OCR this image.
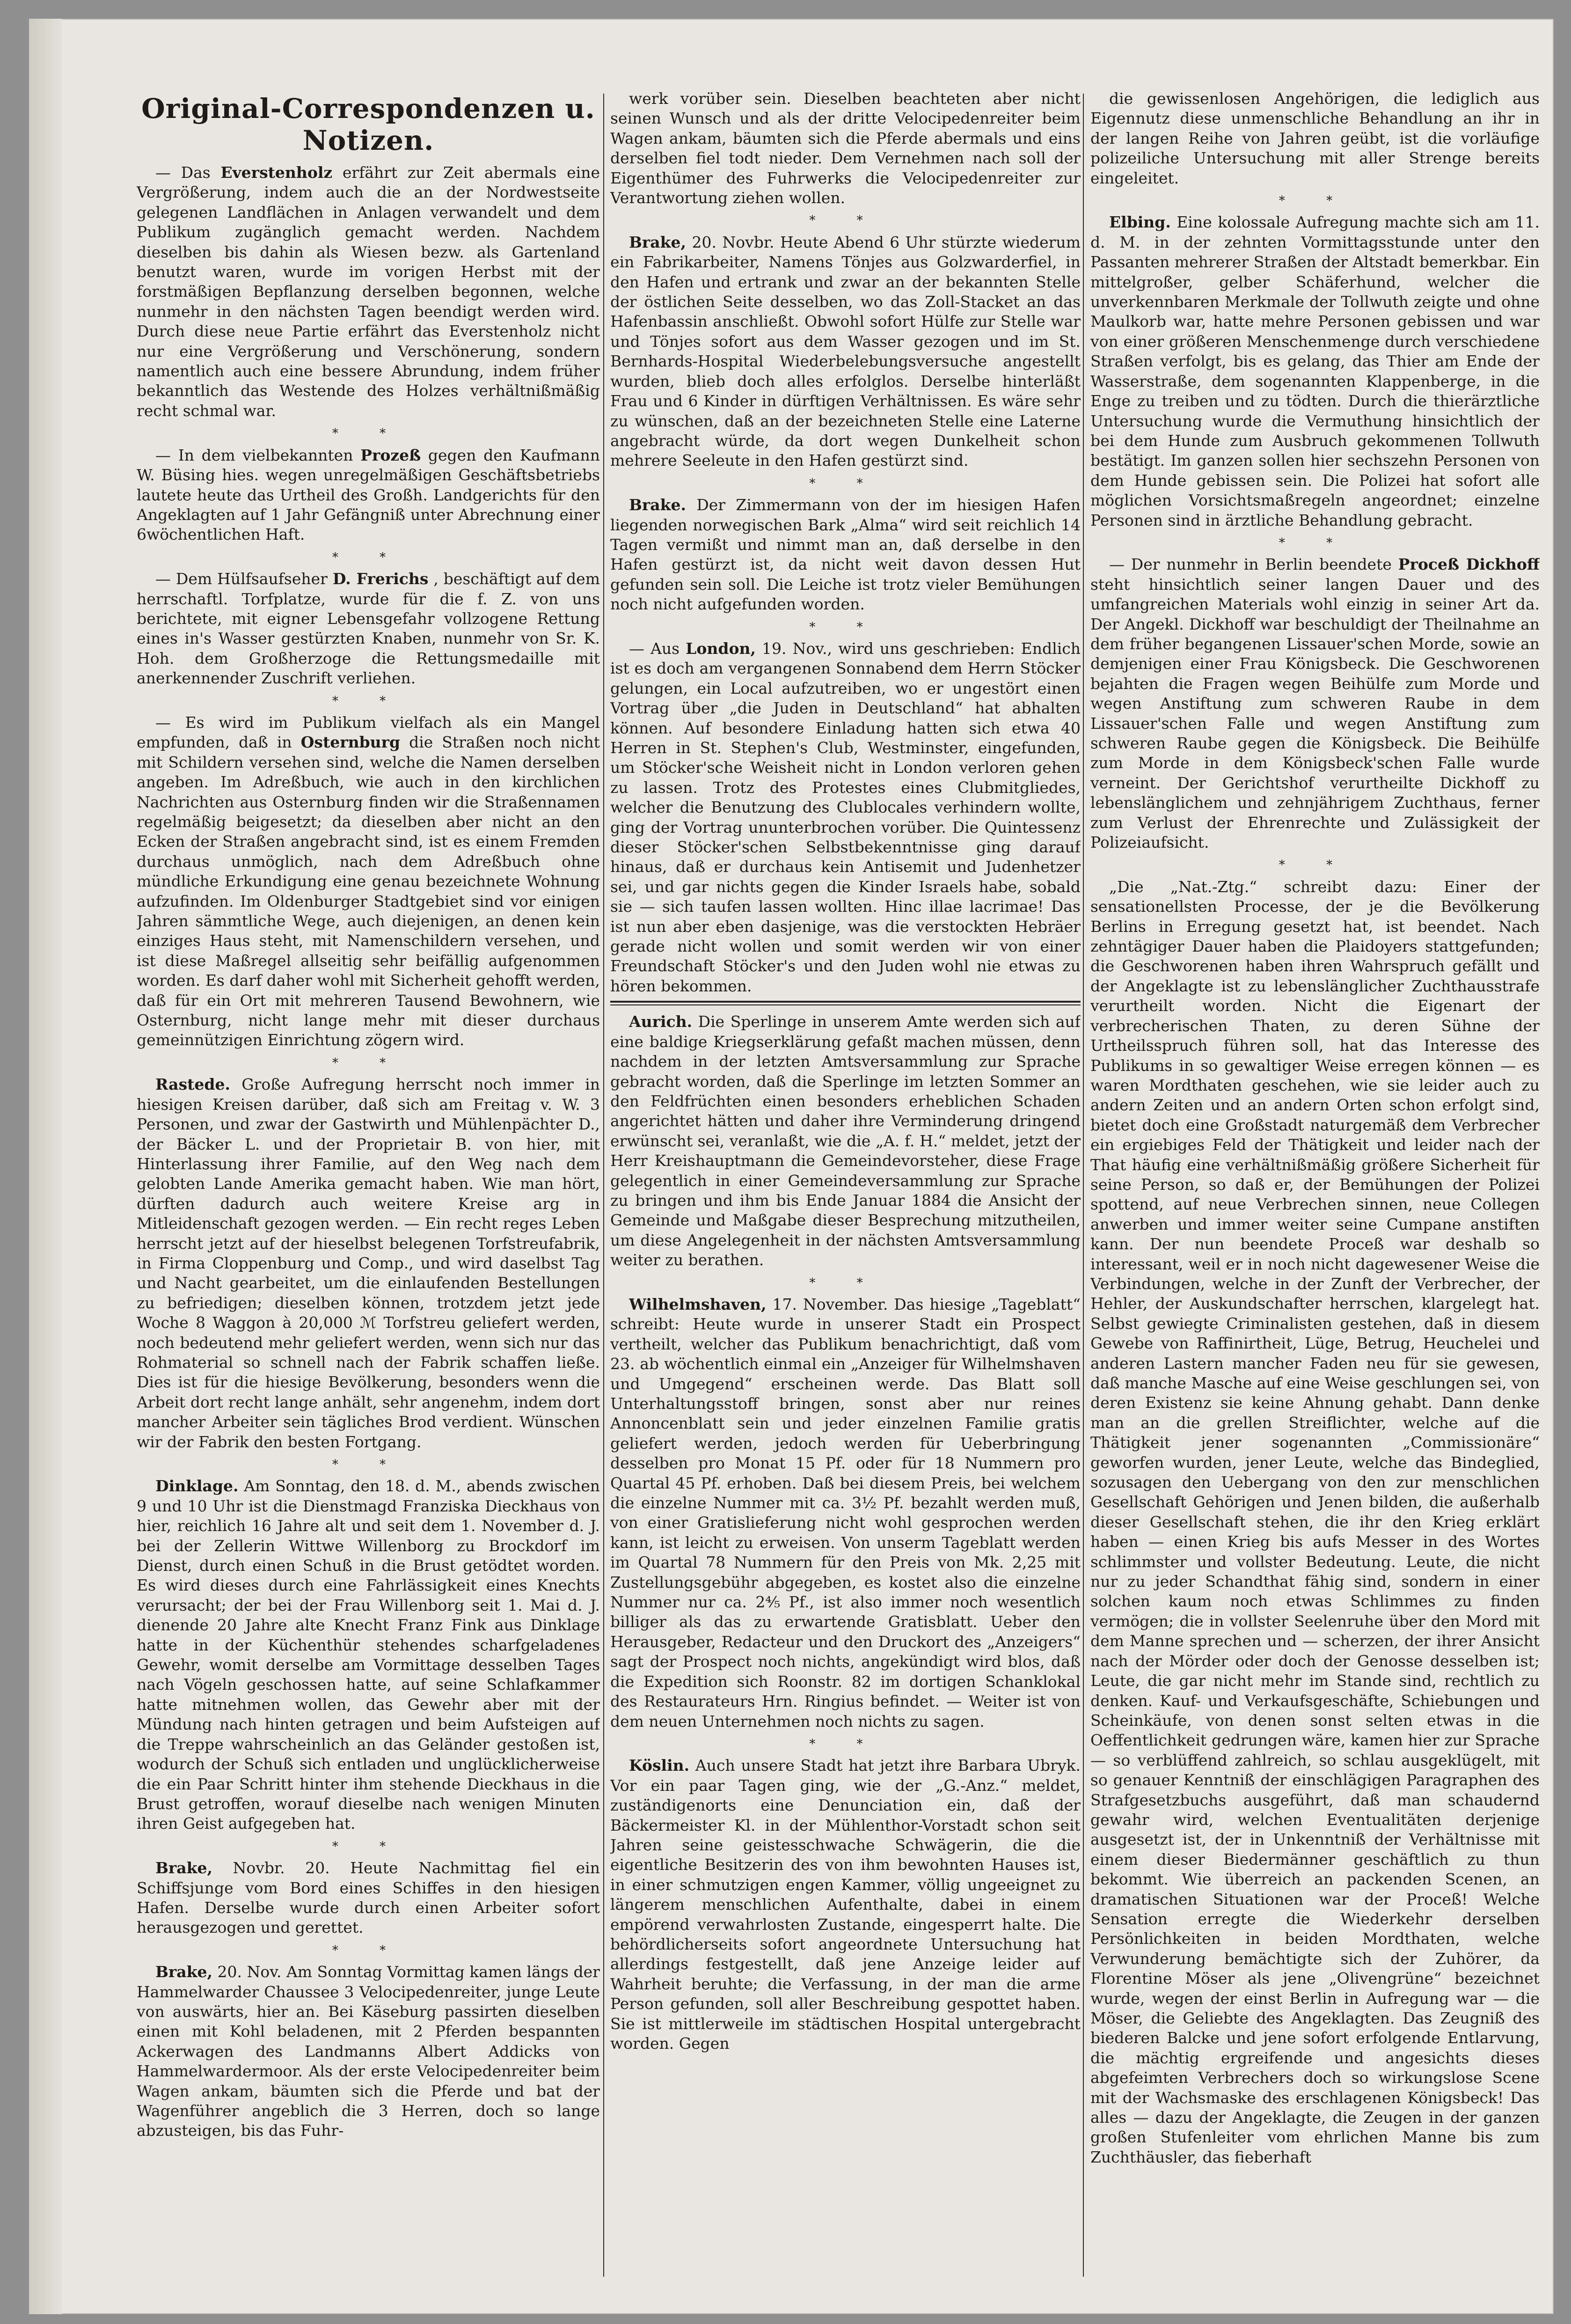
Original-Correspondenzen u. Notizen.

— Das Everstenholz erfährt zur Zeit abermals eine Vergrößerung, indem auch die an der Nordwestseite gelegenen Landflächen in Anlagen verwandelt und dem Publikum zugänglich gemacht werden. Nachdem dieselben bis dahin als Wiesen bezw. als Gartenland benutzt waren, wurde im vorigen Herbst mit der forstmäßigen Bepflanzung derselben begonnen, welche nunmehr in den nächsten Tagen beendigt werden wird. Durch diese neue Partie erfährt das Everstenholz nicht nur eine Vergrößerung und Verschönerung, sondern namentlich auch eine bessere Abrundung, indem früher bekanntlich das Westende des Holzes verhältnißmäßig recht schmal war.

* *

— In dem vielbekannten Prozeß gegen den Kaufmann W. Büsing hies. wegen unregelmäßigen Geschäftsbetriebs lautete heute das Urtheil des Großh. Landgerichts für den Angeklagten auf 1 Jahr Gefängniß unter Abrechnung einer 6wöchentlichen Haft.

* *

— Dem Hülfsaufseher D. Frerichs , beschäftigt auf dem herrschaftl. Torfplatze, wurde für die f. Z. von uns berichtete, mit eigner Lebensgefahr vollzogene Rettung eines in's Wasser gestürzten Knaben, nunmehr von Sr. K. Hoh. dem Großherzoge die Rettungsmedaille mit anerkennender Zuschrift verliehen.

* *

— Es wird im Publikum vielfach als ein Mangel empfunden, daß in Osternburg die Straßen noch nicht mit Schildern versehen sind, welche die Namen derselben angeben. Im Adreßbuch, wie auch in den kirchlichen Nachrichten aus Osternburg finden wir die Straßennamen regelmäßig beigesetzt; da dieselben aber nicht an den Ecken der Straßen angebracht sind, ist es einem Fremden durchaus unmöglich, nach dem Adreßbuch ohne mündliche Erkundigung eine genau bezeichnete Wohnung aufzufinden. Im Oldenburger Stadtgebiet sind vor einigen Jahren sämmtliche Wege, auch diejenigen, an denen kein einziges Haus steht, mit Namenschildern versehen, und ist diese Maßregel allseitig sehr beifällig aufgenommen worden. Es darf daher wohl mit Sicherheit gehofft werden, daß für ein Ort mit mehreren Tausend Bewohnern, wie Osternburg, nicht lange mehr mit dieser durchaus gemeinnützigen Einrichtung zögern wird.

* *

Rastede. Große Aufregung herrscht noch immer in hiesigen Kreisen darüber, daß sich am Freitag v. W. 3 Personen, und zwar der Gastwirth und Mühlenpächter D., der Bäcker L. und der Proprietair B. von hier, mit Hinterlassung ihrer Familie, auf den Weg nach dem gelobten Lande Amerika gemacht haben. Wie man hört, dürften dadurch auch weitere Kreise arg in Mitleidenschaft gezogen werden. — Ein recht reges Leben herrscht jetzt auf der hieselbst belegenen Torfstreufabrik, in Firma Cloppenburg und Comp., und wird daselbst Tag und Nacht gearbeitet, um die einlaufenden Bestellungen zu befriedigen; dieselben können, trotzdem jetzt jede Woche 8 Waggon à 20,000 ℳ Torfstreu geliefert werden, noch bedeutend mehr geliefert werden, wenn sich nur das Rohmaterial so schnell nach der Fabrik schaffen ließe. Dies ist für die hiesige Bevölkerung, besonders wenn die Arbeit dort recht lange anhält, sehr angenehm, indem dort mancher Arbeiter sein tägliches Brod verdient. Wünschen wir der Fabrik den besten Fortgang.

* *

Dinklage. Am Sonntag, den 18. d. M., abends zwischen 9 und 10 Uhr ist die Dienstmagd Franziska Dieckhaus von hier, reichlich 16 Jahre alt und seit dem 1. November d. J. bei der Zellerin Wittwe Willenborg zu Brockdorf im Dienst, durch einen Schuß in die Brust getödtet worden. Es wird dieses durch eine Fahrlässigkeit eines Knechts verursacht; der bei der Frau Willenborg seit 1. Mai d. J. dienende 20 Jahre alte Knecht Franz Fink aus Dinklage hatte in der Küchenthür stehendes scharfgeladenes Gewehr, womit derselbe am Vormittage desselben Tages nach Vögeln geschossen hatte, auf seine Schlafkammer hatte mitnehmen wollen, das Gewehr aber mit der Mündung nach hinten getragen und beim Aufsteigen auf die Treppe wahrscheinlich an das Geländer gestoßen ist, wodurch der Schuß sich entladen und unglücklicherweise die ein Paar Schritt hinter ihm stehende Dieckhaus in die Brust getroffen, worauf dieselbe nach wenigen Minuten ihren Geist aufgegeben hat.

* *

Brake, Novbr. 20. Heute Nachmittag fiel ein Schiffsjunge vom Bord eines Schiffes in den hiesigen Hafen. Derselbe wurde durch einen Arbeiter sofort herausgezogen und gerettet.

* *

Brake, 20. Nov. Am Sonntag Vormittag kamen längs der Hammelwarder Chaussee 3 Velocipedenreiter, junge Leute von auswärts, hier an. Bei Käseburg passirten dieselben einen mit Kohl beladenen, mit 2 Pferden bespannten Ackerwagen des Landmanns Albert Addicks von Hammelwardermoor. Als der erste Velocipedenreiter beim Wagen ankam, bäumten sich die Pferde und bat der Wagenführer angeblich die 3 Herren, doch so lange abzusteigen, bis das Fuhr-

werk vorüber sein. Dieselben beachteten aber nicht seinen Wunsch und als der dritte Velocipedenreiter beim Wagen ankam, bäumten sich die Pferde abermals und eins derselben fiel todt nieder. Dem Vernehmen nach soll der Eigenthümer des Fuhrwerks die Velocipedenreiter zur Verantwortung ziehen wollen.

* *

Brake, 20. Novbr. Heute Abend 6 Uhr stürzte wiederum ein Fabrikarbeiter, Namens Tönjes aus Golzwarderfiel, in den Hafen und ertrank und zwar an der bekannten Stelle der östlichen Seite desselben, wo das Zoll-Stacket an das Hafenbassin anschließt. Obwohl sofort Hülfe zur Stelle war und Tönjes sofort aus dem Wasser gezogen und im St. Bernhards-Hospital Wiederbelebungsversuche angestellt wurden, blieb doch alles erfolglos. Derselbe hinterläßt Frau und 6 Kinder in dürftigen Verhältnissen. Es wäre sehr zu wünschen, daß an der bezeichneten Stelle eine Laterne angebracht würde, da dort wegen Dunkelheit schon mehrere Seeleute in den Hafen gestürzt sind.

* *

Brake. Der Zimmermann von der im hiesigen Hafen liegenden norwegischen Bark „Alma“ wird seit reichlich 14 Tagen vermißt und nimmt man an, daß derselbe in den Hafen gestürzt ist, da nicht weit davon dessen Hut gefunden sein soll. Die Leiche ist trotz vieler Bemühungen noch nicht aufgefunden worden.

* *

— Aus London, 19. Nov., wird uns geschrieben: Endlich ist es doch am vergangenen Sonnabend dem Herrn Stöcker gelungen, ein Local aufzutreiben, wo er ungestört einen Vortrag über „die Juden in Deutschland“ hat abhalten können. Auf besondere Einladung hatten sich etwa 40 Herren in St. Stephen's Club, Westminster, eingefunden, um Stöcker'sche Weisheit nicht in London verloren gehen zu lassen. Trotz des Protestes eines Clubmitgliedes, welcher die Benutzung des Clublocales verhindern wollte, ging der Vortrag ununterbrochen vorüber. Die Quintessenz dieser Stöcker'schen Selbstbekenntnisse ging darauf hinaus, daß er durchaus kein Antisemit und Judenhetzer sei, und gar nichts gegen die Kinder Israels habe, sobald sie — sich taufen lassen wollten. Hinc illae lacrimae! Das ist nun aber eben dasjenige, was die verstockten Hebräer gerade nicht wollen und somit werden wir von einer Freundschaft Stöcker's und den Juden wohl nie etwas zu hören bekommen.

Aurich. Die Sperlinge in unserem Amte werden sich auf eine baldige Kriegserklärung gefaßt machen müssen, denn nachdem in der letzten Amtsversammlung zur Sprache gebracht worden, daß die Sperlinge im letzten Sommer an den Feldfrüchten einen besonders erheblichen Schaden angerichtet hätten und daher ihre Verminderung dringend erwünscht sei, veranlaßt, wie die „A. f. H.“ meldet, jetzt der Herr Kreishauptmann die Gemeindevorsteher, diese Frage gelegentlich in einer Gemeindeversammlung zur Sprache zu bringen und ihm bis Ende Januar 1884 die Ansicht der Gemeinde und Maßgabe dieser Besprechung mitzutheilen, um diese Angelegenheit in der nächsten Amtsversammlung weiter zu berathen.

* *

Wilhelmshaven, 17. November. Das hiesige „Tageblatt“ schreibt: Heute wurde in unserer Stadt ein Prospect vertheilt, welcher das Publikum benachrichtigt, daß vom 23. ab wöchentlich einmal ein „Anzeiger für Wilhelmshaven und Umgegend“ erscheinen werde. Das Blatt soll Unterhaltungsstoff bringen, sonst aber nur reines Annoncenblatt sein und jeder einzelnen Familie gratis geliefert werden, jedoch werden für Ueberbringung desselben pro Monat 15 Pf. oder für 18 Nummern pro Quartal 45 Pf. erhoben. Daß bei diesem Preis, bei welchem die einzelne Nummer mit ca. 3½ Pf. bezahlt werden muß, von einer Gratislieferung nicht wohl gesprochen werden kann, ist leicht zu erweisen. Von unserm Tageblatt werden im Quartal 78 Nummern für den Preis von Mk. 2,25 mit Zustellungsgebühr abgegeben, es kostet also die einzelne Nummer nur ca. 2⁴⁄₅ Pf., ist also immer noch wesentlich billiger als das zu erwartende Gratisblatt. Ueber den Herausgeber, Redacteur und den Druckort des „Anzeigers“ sagt der Prospect noch nichts, angekündigt wird blos, daß die Expedition sich Roonstr. 82 im dortigen Schanklokal des Restaurateurs Hrn. Ringius befindet. — Weiter ist von dem neuen Unternehmen noch nichts zu sagen.

* *

Köslin. Auch unsere Stadt hat jetzt ihre Barbara Ubryk. Vor ein paar Tagen ging, wie der „G.-Anz.“ meldet, zuständigenorts eine Denunciation ein, daß der Bäckermeister Kl. in der Mühlenthor-Vorstadt schon seit Jahren seine geistesschwache Schwägerin, die die eigentliche Besitzerin des von ihm bewohnten Hauses ist, in einer schmutzigen engen Kammer, völlig ungeeignet zu längerem menschlichen Aufenthalte, dabei in einem empörend verwahrlosten Zustande, eingesperrt halte. Die behördlicherseits sofort angeordnete Untersuchung hat allerdings festgestellt, daß jene Anzeige leider auf Wahrheit beruhte; die Verfassung, in der man die arme Person gefunden, soll aller Beschreibung gespottet haben. Sie ist mittlerweile im städtischen Hospital untergebracht worden. Gegen

die gewissenlosen Angehörigen, die lediglich aus Eigennutz diese unmenschliche Behandlung an ihr in der langen Reihe von Jahren geübt, ist die vorläufige polizeiliche Untersuchung mit aller Strenge bereits eingeleitet.

* *

Elbing. Eine kolossale Aufregung machte sich am 11. d. M. in der zehnten Vormittagsstunde unter den Passanten mehrerer Straßen der Altstadt bemerkbar. Ein mittelgroßer, gelber Schäferhund, welcher die unverkennbaren Merkmale der Tollwuth zeigte und ohne Maulkorb war, hatte mehre Personen gebissen und war von einer größeren Menschenmenge durch verschiedene Straßen verfolgt, bis es gelang, das Thier am Ende der Wasserstraße, dem sogenannten Klappenberge, in die Enge zu treiben und zu tödten. Durch die thierärztliche Untersuchung wurde die Vermuthung hinsichtlich der bei dem Hunde zum Ausbruch gekommenen Tollwuth bestätigt. Im ganzen sollen hier sechszehn Personen von dem Hunde gebissen sein. Die Polizei hat sofort alle möglichen Vorsichtsmaßregeln angeordnet; einzelne Personen sind in ärztliche Behandlung gebracht.

* *

— Der nunmehr in Berlin beendete Proceß Dickhoff steht hinsichtlich seiner langen Dauer und des umfangreichen Materials wohl einzig in seiner Art da. Der Angekl. Dickhoff war beschuldigt der Theilnahme an dem früher begangenen Lissauer'schen Morde, sowie an demjenigen einer Frau Königsbeck. Die Geschworenen bejahten die Fragen wegen Beihülfe zum Morde und wegen Anstiftung zum schweren Raube in dem Lissauer'schen Falle und wegen Anstiftung zum schweren Raube gegen die Königsbeck. Die Beihülfe zum Morde in dem Königsbeck'schen Falle wurde verneint. Der Gerichtshof verurtheilte Dickhoff zu lebenslänglichem und zehnjährigem Zuchthaus, ferner zum Verlust der Ehrenrechte und Zulässigkeit der Polizeiaufsicht.

* *

„Die „Nat.-Ztg.“ schreibt dazu: Einer der sensationellsten Processe, der je die Bevölkerung Berlins in Erregung gesetzt hat, ist beendet. Nach zehntägiger Dauer haben die Plaidoyers stattgefunden; die Geschworenen haben ihren Wahrspruch gefällt und der Angeklagte ist zu lebenslänglicher Zuchthausstrafe verurtheilt worden. Nicht die Eigenart der verbrecherischen Thaten, zu deren Sühne der Urtheilsspruch führen soll, hat das Interesse des Publikums in so gewaltiger Weise erregen können — es waren Mordthaten geschehen, wie sie leider auch zu andern Zeiten und an andern Orten schon erfolgt sind, bietet doch eine Großstadt naturgemäß dem Verbrecher ein ergiebiges Feld der Thätigkeit und leider nach der That häufig eine verhältnißmäßig größere Sicherheit für seine Person, so daß er, der Bemühungen der Polizei spottend, auf neue Verbrechen sinnen, neue Collegen anwerben und immer weiter seine Cumpane anstiften kann. Der nun beendete Proceß war deshalb so interessant, weil er in noch nicht dagewesener Weise die Verbindungen, welche in der Zunft der Verbrecher, der Hehler, der Auskundschafter herrschen, klargelegt hat. Selbst gewiegte Criminalisten gestehen, daß in diesem Gewebe von Raffinirtheit, Lüge, Betrug, Heuchelei und anderen Lastern mancher Faden neu für sie gewesen, daß manche Masche auf eine Weise geschlungen sei, von deren Existenz sie keine Ahnung gehabt. Dann denke man an die grellen Streiflichter, welche auf die Thätigkeit jener sogenannten „Commissionäre“ geworfen wurden, jener Leute, welche das Bindeglied, sozusagen den Uebergang von den zur menschlichen Gesellschaft Gehörigen und Jenen bilden, die außerhalb dieser Gesellschaft stehen, die ihr den Krieg erklärt haben — einen Krieg bis aufs Messer in des Wortes schlimmster und vollster Bedeutung. Leute, die nicht nur zu jeder Schandthat fähig sind, sondern in einer solchen kaum noch etwas Schlimmes zu finden vermögen; die in vollster Seelenruhe über den Mord mit dem Manne sprechen und — scherzen, der ihrer Ansicht nach der Mörder oder doch der Genosse desselben ist; Leute, die gar nicht mehr im Stande sind, rechtlich zu denken. Kauf- und Verkaufsgeschäfte, Schiebungen und Scheinkäufe, von denen sonst selten etwas in die Oeffentlichkeit gedrungen wäre, kamen hier zur Sprache — so verblüffend zahlreich, so schlau ausgeklügelt, mit so genauer Kenntniß der einschlägigen Paragraphen des Strafgesetzbuchs ausgeführt, daß man schaudernd gewahr wird, welchen Eventualitäten derjenige ausgesetzt ist, der in Unkenntniß der Verhältnisse mit einem dieser Biedermänner geschäftlich zu thun bekommt. Wie überreich an packenden Scenen, an dramatischen Situationen war der Proceß! Welche Sensation erregte die Wiederkehr derselben Persönlichkeiten in beiden Mordthaten, welche Verwunderung bemächtigte sich der Zuhörer, da Florentine Möser als jene „Olivengrüne“ bezeichnet wurde, wegen der einst Berlin in Aufregung war — die Möser, die Geliebte des Angeklagten. Das Zeugniß des biederen Balcke und jene sofort erfolgende Entlarvung, die mächtig ergreifende und angesichts dieses abgefeimten Verbrechers doch so wirkungslose Scene mit der Wachsmaske des erschlagenen Königsbeck! Das alles — dazu der Angeklagte, die Zeugen in der ganzen großen Stufenleiter vom ehrlichen Manne bis zum Zuchthäusler, das fieberhaft
